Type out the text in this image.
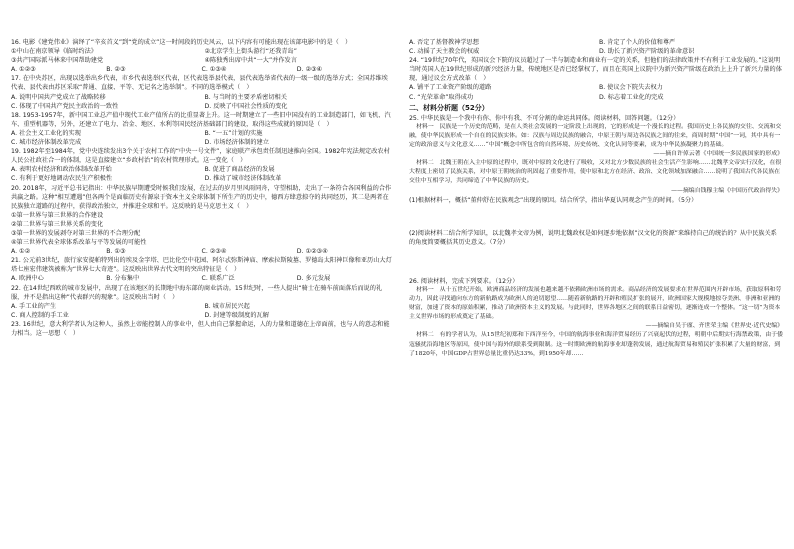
16. 电影《建党伟业》演绎了“辛亥首义”到“党的成立”这一时间段的历史风云，以下内容有可能出现在该部电影中的是（　）

①中山在南京领导《临时约法》	②北京学生上街头游行“还我青岛”
③共产国际派马林来中国帮助建党	④陈独秀出席中共“一大”并作发言
A. ①②③	B. ②③	C. ①③④	D. ②③④

17. 在中央苏区，出现以选举出乡代表，市乡代表选举区代表，区代表选举县代表，县代表选举省代表的一级一级的选举方式；全国苏维埃代表、县代表由苏区采取“普通、直接、平等、无记名之选举制”。不同的选举模式（　）

A. 说明中国共产党成立了战略转移	B. 与当时的主要矛盾密切相关
C. 体现了中国共产党民主政治的一致性	D. 反映了中国社会性质的变化

18. 1953-1957年，新中国工业总产值中现代工业产值所占的比重显著上升。这一时期建立了一些旧中国没有的工业制造部门，如飞机、汽车、重型机器等，另外，还建立了电力、冶金、地区、水利等国民经济基础部门的建设，取得这些成就的原因是（　）

A. 社会主义工业化的实现	B. “一五”计划的实施
C. 城市经济体制改革完成	D. 市场经济体制的建立

19. 1982年至1984年，党中央连续发出3个关于农村工作的“中央一号文件”，家庭联产承包责任制迅速推向全国。1982年宪法规定改农村人民公社政社合一的体制，这是直接建立“乡政村治”的农村管理形式。这一变化（　）

A. 表明农村经济和政治体制改革开始	B. 促进了商品经济的发展
C. 有利于更好地调动农民生产积极性	D. 推动了城市经济体制改革

20. 2018年，习近平总书记指出：中华民族早期遭受时候我们发展，在过去的岁月里风雨同舟，守望相助，走出了一条符合各国利益的合作共赢之路。这种“相互遭遇”但各两个是面临历史有源泉于资本主义全球体制下所生产的历史中，德西方肆意掠夺的共同经历，其二是两者在民族独立道路的过程中，获得政治独立，并推进全球和平。这反映的是马克思主义（　）

①第一世界与第三世界的合作建设
②第二世界与第三世界关系的变化
③第一世界的发展剥夺对第三世界的不合理分配
④第三世界代表全球体系改革与平等发展的可能性
A. ①②	B. ①③	C. ②③④	D. ①②③④

21. 公元前3世纪，旅行家安提帕特列出的埃及金字塔、巴比伦空中花园、阿尔忒弥斯神庙、摩索拉斯陵墓、罗德岛太阳神巨像和亚历山大灯塔七座宏伟建筑被称为“世界七大奇迹”。这反映出世界古代文明的突出特征是（　）

A. 欧洲中心	B. 分布集中	C. 联系广泛	D. 多元发展

22. 在14世纪西欧的城市发展中，出现了在该地区的长期地中海东部的商业活动。15世纪时，一些人提出“骑士在骑车前面落后而说的礼服，并不是指出这种”代表群兴的现象”。这反映出当时（　）

A. 手工业的产生	B. 城市居民兴起
C. 商人控制的手工业	D. 封建等级制度的瓦解

23. 16世纪，意大利学者认为这种人，虽然上帝能控制人的事业中，但人由自己掌握命运，人的力量和道德在上帝面前，也与人的意志和能力相当。这一思想（　）

A. 否定了基督教神学思想	B. 肯定了个人的价值和尊严
C. 动摇了天主教会的权威	D. 助长了新兴资产阶级的革命意识

24. “19世纪70年代，英国议会下院的议员超过了一半与制造业和商业有一定的关系，但他们的法律政策并不有利于工业发展的。”这说明当时英国人在19世纪形成的新兴经济力量，传统地区是否已经掌权了，而且在英国上议院中为新兴资产阶级在政治上上升了新兴力量的体现，通过议会方式改革（　）

A. 铺平了工业资产阶级的道路	B. 使议会下院失去权力
C. “光荣革命”取得成功	D. 标志着工业化的完成
二、材料分析题（52分）

25. 中华民族是一个我中有你、你中有我、不可分割的命运共同体。阅读材料，回答问题。（12分）

材料一　民族是一个历史的范畴，是在人类社会发展的一定阶段上出现的，它的形成是一个漫长的过程。我国历史上各民族的交往、交流和交融，使中华民族形成一个自在的民族实体。如：汉族与周边民族的融合，中原王朝与周边各民族之间的往来，商周时期“中国”一词，其中具有一定的政治意义与文化意义……“中国”概念中所包含的自然环境、历史传统、文化认同等要素，成为中华民族凝聚力的基础。

——摘自许倬云著《中国统一多民族国家的形成》

材料二　北魏王朝在入主中原的过程中，既对中原的文化进行了吸收，又对北方少数民族的社会生活产生影响……北魏孝文帝实行汉化，在很大程度上密切了民族关系，对中原王朝统治的巩固起了重要作用，使中原和北方在经济、政治、文化领域加深融合……说明了我国古代各民族在交往中互相学习，共同缔造了中华民族的历史。

——摘编自钱穆主编《中国历代政治得失》

(1)根据材料一，概括“董仲舒在民族观念”出现的原因。结合所学，指出华夏认同观念产生的时间。（5分）

(2)阅读材料二结合所学知识，以北魏孝文帝为例，说明北魏政权是如何逐步地依据”汉文化的资源”来维持自己的统治的？从中民族关系的角度简要概括其历史意义。（7分）

26. 阅读材料，完成下列要求。（12分）

材料一　从十五世纪开始，欧洲商品经济的发展也越来越不依赖欧洲市场的需求。商品经济的发展要求在世界范围内开辟市场，获取原料和劳动力，因此寻找通向东方的新航路成为欧洲人的迫切愿望……随着新航路的开辟和殖民扩张的展开，欧洲国家大规模地掠夺美洲、非洲和亚洲的财富，加速了资本的原始积累，推动了欧洲资本主义的发展。与此同时，世界各地区之间的联系日益密切，逐渐连成一个整体。“这一切”为资本主义世界市场的形成奠定了基础。

——摘编自吴于廑、齐世荣主编《世界史·近代史编》

材料二　有的学者认为，从15世纪初郑和下西洋至今，中国的航海事业和海洋贸易经历了兴衰起伏的过程，明朝中后期实行海禁政策，由于倭寇骚扰沿海地区等原因，使中国与海外的联系受到限制。这一时期欧洲的航海事业却蓬勃发展，通过航海贸易和殖民扩张积累了大量的财富，到了1820年，中国GDP占世界总量比重仍达33%，到1950年却……
